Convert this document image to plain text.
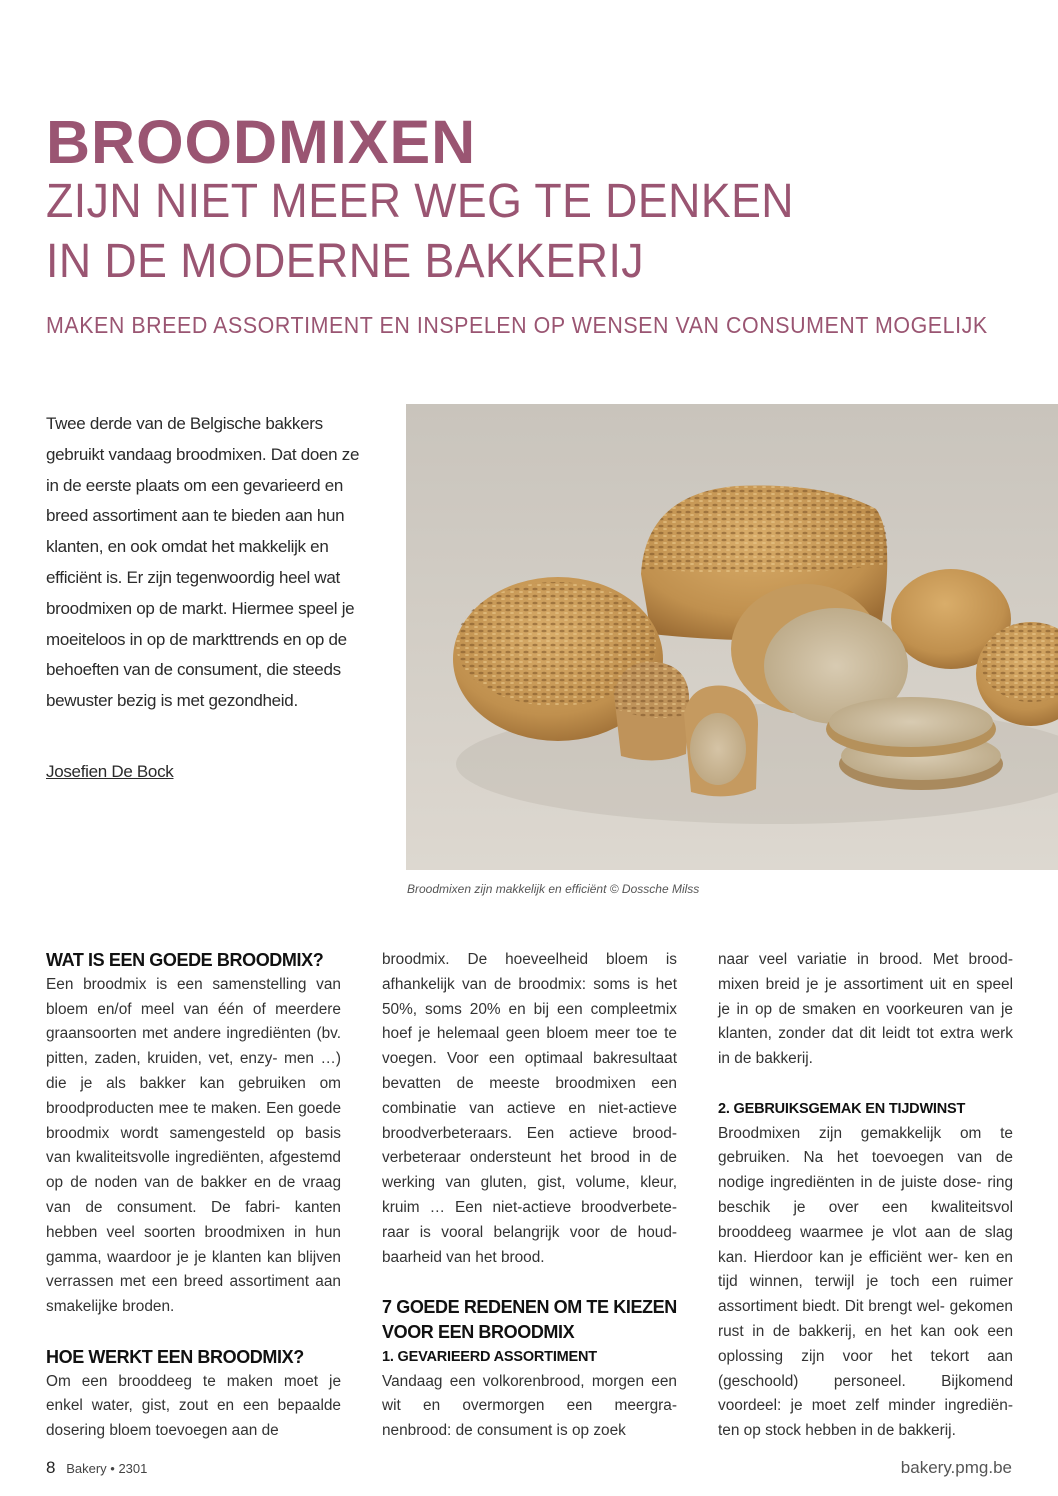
BROODMIXEN
ZIJN NIET MEER WEG TE DENKEN
IN DE MODERNE BAKKERIJ
MAKEN BREED ASSORTIMENT EN INSPELEN OP WENSEN VAN CONSUMENT MOGELIJK

Twee derde van de Belgische bakkers gebruikt vandaag broodmixen. Dat doen ze in de eerste plaats om een gevarieerd en breed assortiment aan te bieden aan hun klanten, en ook omdat het makkelijk en efficiënt is. Er zijn tegenwoordig heel wat broodmixen op de markt. Hiermee speel je moeiteloos in op de markttrends en op de behoeften van de consument, die steeds bewuster bezig is met gezondheid.

Josefien De Bock
Broodmixen zijn makkelijk en efficiënt © Dossche Milss
WAT IS EEN GOEDE BROODMIX?

Een broodmix is een samenstelling van bloem en/of meel van één of meerdere graansoorten met andere ingrediënten (bv. pitten, zaden, kruiden, vet, enzy- men …) die je als bakker kan gebruiken om broodproducten mee te maken. Een goede broodmix wordt samengesteld op basis van kwaliteitsvolle ingrediënten, afgestemd op de noden van de bakker en de vraag van de consument. De fabri- kanten hebben veel soorten broodmixen in hun gamma, waardoor je je klanten kan blijven verrassen met een breed assortiment aan smakelijke broden.

HOE WERKT EEN BROODMIX?

Om een brooddeeg te maken moet je enkel water, gist, zout en een bepaalde dosering bloem toevoegen aan de

broodmix. De hoeveelheid bloem is afhankelijk van de broodmix: soms is het 50%, soms 20% en bij een compleetmix hoef je helemaal geen bloem meer toe te voegen. Voor een optimaal bakresultaat bevatten de meeste broodmixen een combinatie van actieve en niet-actieve broodverbeteraars. Een actieve brood- verbeteraar ondersteunt het brood in de werking van gluten, gist, volume, kleur, kruim … Een niet-actieve broodverbete- raar is vooral belangrijk voor de houd- baarheid van het brood.

7 GOEDE REDENEN OM TE KIEZEN VOOR EEN BROODMIX
1. GEVARIEERD ASSORTIMENT

Vandaag een volkorenbrood, morgen een wit en overmorgen een meergra- nenbrood: de consument is op zoek

naar veel variatie in brood. Met brood- mixen breid je je assortiment uit en speel je in op de smaken en voorkeuren van je klanten, zonder dat dit leidt tot extra werk in de bakkerij.

2. GEBRUIKSGEMAK EN TIJDWINST

Broodmixen zijn gemakkelijk om te gebruiken. Na het toevoegen van de nodige ingrediënten in de juiste dose- ring beschik je over een kwaliteitsvol brooddeeg waarmee je vlot aan de slag kan. Hierdoor kan je efficiënt wer- ken en tijd winnen, terwijl je toch een ruimer assortiment biedt. Dit brengt wel- gekomen rust in de bakkerij, en het kan ook een oplossing zijn voor het tekort aan (geschoold) personeel. Bijkomend voordeel: je moet zelf minder ingrediën- ten op stock hebben in de bakkerij.

8 Bakery • 2301	bakery.pmg.be
